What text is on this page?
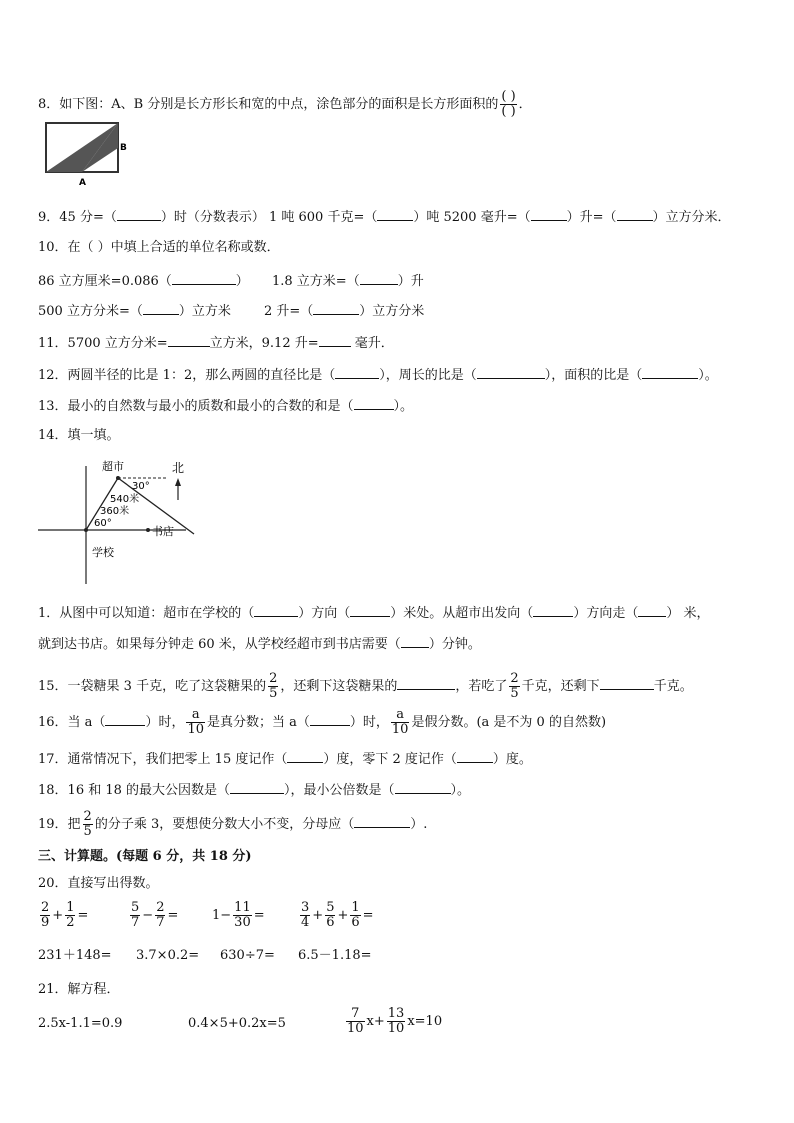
8．如下图：A、B 分别是长方形长和宽的中点，涂色部分的面积是长方形面积的 $\frac{( )}{( )}$ ．
B
A
9．45 分=（	）时（分数表示） 1 吨 600 千克=（	）吨 5200 毫升=（	）升=（	）立方分米．
10．在（ ）中填上合适的单位名称或数．
86 立方厘米=0.086（	） 1.8 立方米=（	）升
500 立方分米=（	）立方米	2 升=（	）立方分米
11．5700 立方分米=	立方米，9.12 升= 毫升．
12．两圆半径的比是 1：2，那么两圆的直径比是（	），周长的比是（	），面积的比是（	）。
13．最小的自然数与最小的质数和最小的合数的和是（	）。
14．填一填。
超市	北
30°
540米
360米
60°
书店
学校
1．从图中可以知道：超市在学校的（	）方向（	）米处。从超市出发向（	）方向走（ ） 米，
就到达书店。如果每分钟走 60 米，从学校经超市到书店需要（ ）分钟。
15．一袋糖果 3 千克，吃了这袋糖果的 $\frac{2}{5}$ ，还剩下这袋糖果的	，若吃了 $\frac{2}{5}$ 千克，还剩下	千克。
16．当 a（	）时， $\frac{a}{10}$ 是真分数；当 a（	）时， $\frac{a}{10}$ 是假分数。(a 是不为 0 的自然数)
17．通常情况下，我们把零上 15 度记作（	）度，零下 2 度记作（	）度。
18．16 和 18 的最大公因数是（	），最小公倍数是（	）。
19．把 $\frac{2}{5}$ 的分子乘 3，要想使分数大小不变，分母应（	）.
三、计算题。(每题 6 分，共 18 分)
20．直接写出得数。
$\frac{2}{9} + \frac{1}{2}$ =	$\frac{5}{7} - \frac{2}{7}$ =	$1- \frac{11}{30}$ =	$\frac{3}{4} + \frac{5}{6} + \frac{1}{6}$ =
231＋148= 3.7×0.2= 630÷7= 6.5－1.18=
21．解方程．
2.5x-1.1=0.9	0.4×5+0.2x=5	$\frac{7}{10} x+ \frac{13}{10} x=10$
